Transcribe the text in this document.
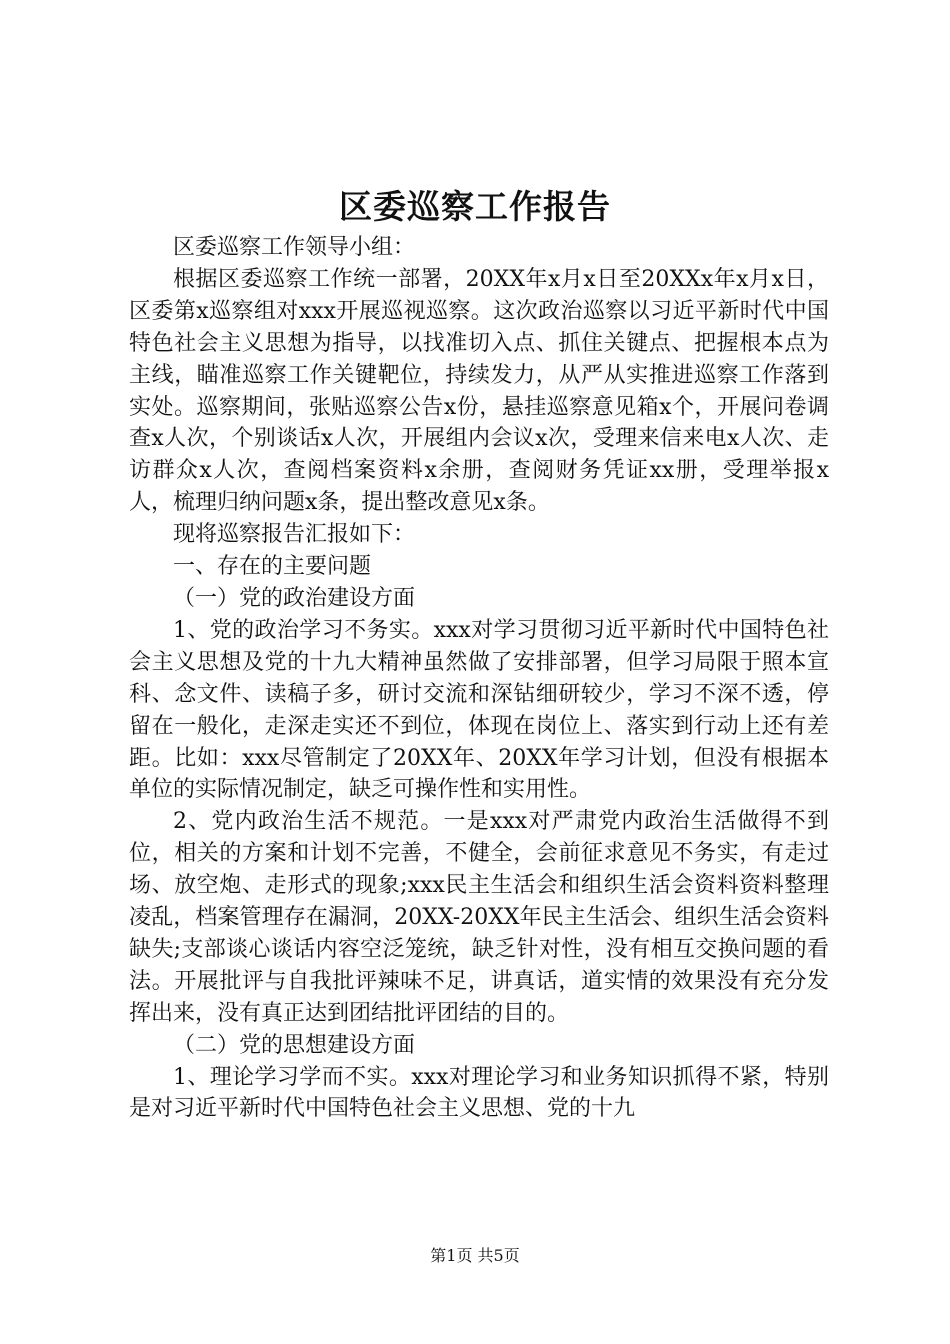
区委巡察工作报告

区委巡察工作领导小组：

根据区委巡察工作统一部署，20XX年x月x日至20XXx年x月x日，区委第x巡察组对xxx开展巡视巡察。这次政治巡察以习近平新时代中国特色社会主义思想为指导，以找准切入点、抓住关键点、把握根本点为主线，瞄准巡察工作关键靶位，持续发力，从严从实推进巡察工作落到实处。巡察期间，张贴巡察公告x份，悬挂巡察意见箱x个，开展问卷调查x人次，个别谈话x人次，开展组内会议x次，受理来信来电x人次、走访群众x人次，查阅档案资料x余册，查阅财务凭证xx册，受理举报x人，梳理归纳问题x条，提出整改意见x条。

现将巡察报告汇报如下：

一、存在的主要问题

（一）党的政治建设方面

1、党的政治学习不务实。xxx对学习贯彻习近平新时代中国特色社会主义思想及党的十九大精神虽然做了安排部署，但学习局限于照本宣科、念文件、读稿子多，研讨交流和深钻细研较少，学习不深不透，停留在一般化，走深走实还不到位，体现在岗位上、落实到行动上还有差距。比如：xxx尽管制定了20XX年、20XX年学习计划，但没有根据本单位的实际情况制定，缺乏可操作性和实用性。

2、党内政治生活不规范。一是xxx对严肃党内政治生活做得不到位，相关的方案和计划不完善，不健全，会前征求意见不务实，有走过场、放空炮、走形式的现象;xxx民主生活会和组织生活会资料资料整理凌乱，档案管理存在漏洞，20XX-20XX年民主生活会、组织生活会资料缺失;支部谈心谈话内容空泛笼统，缺乏针对性，没有相互交换问题的看法。开展批评与自我批评辣味不足，讲真话，道实情的效果没有充分发挥出来，没有真正达到团结批评团结的目的。

（二）党的思想建设方面

1、理论学习学而不实。xxx对理论学习和业务知识抓得不紧，特别是对习近平新时代中国特色社会主义思想、党的十九

第1页 共5页
